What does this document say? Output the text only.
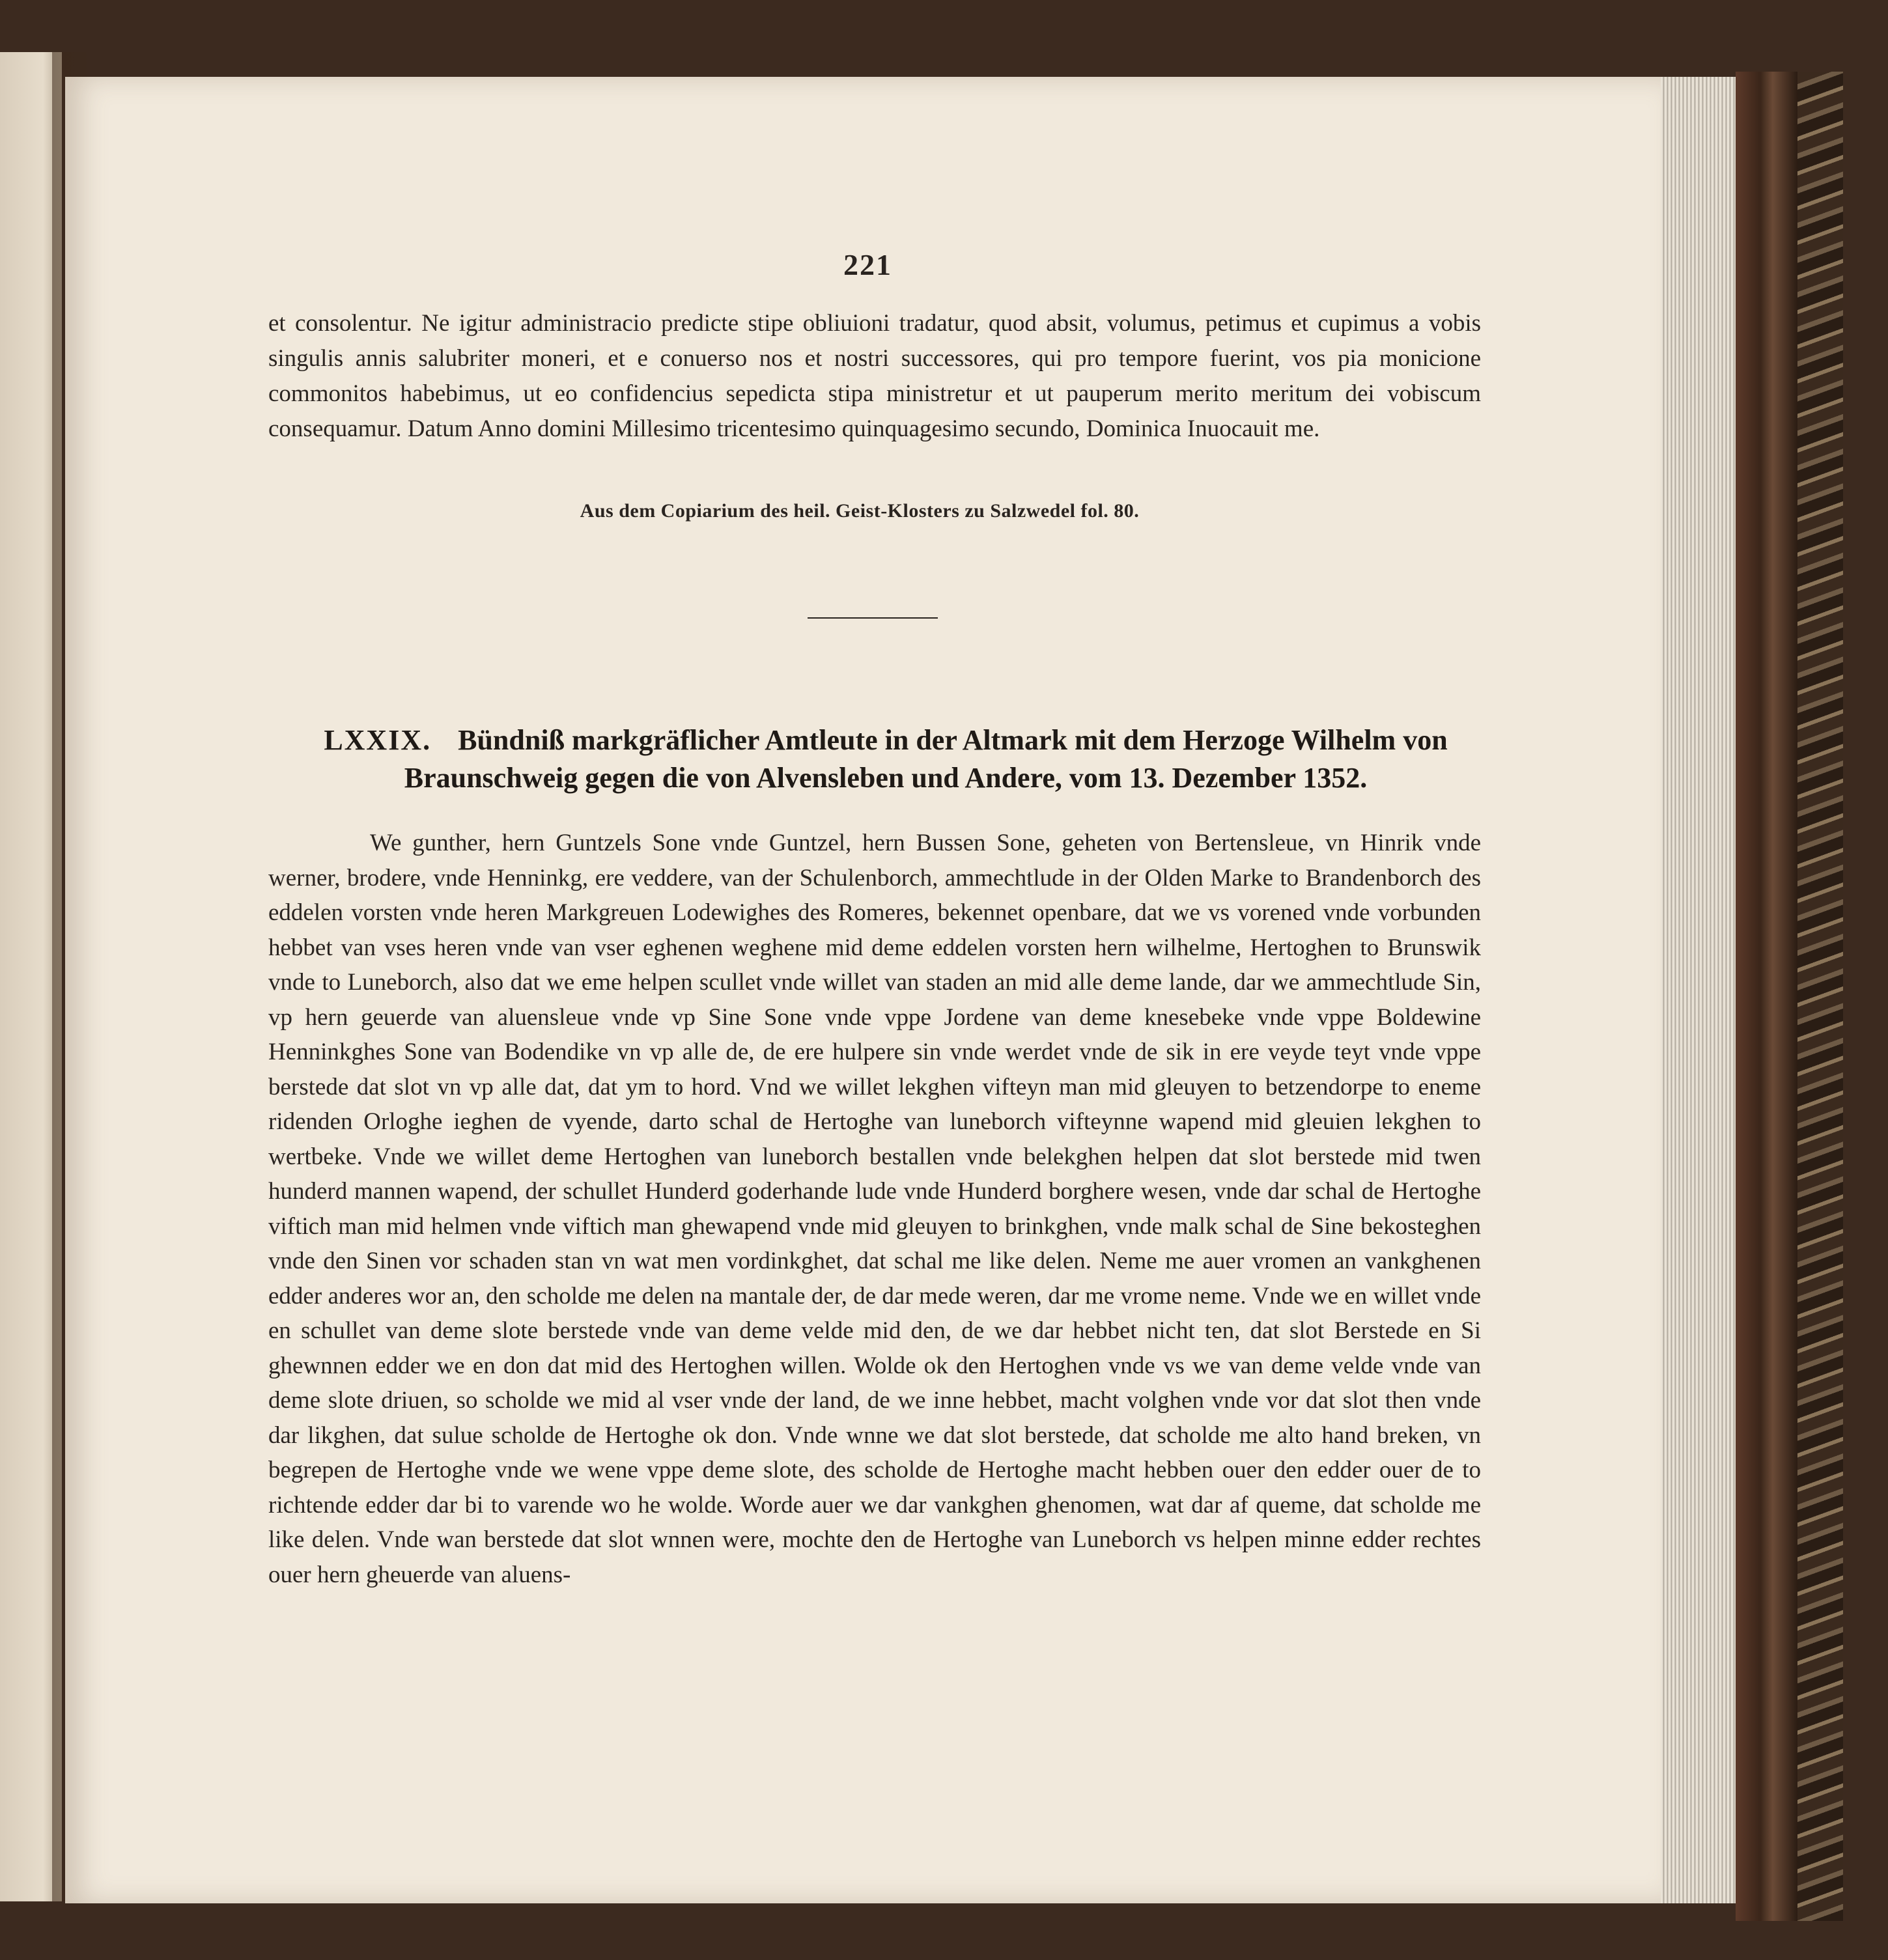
221

et consolentur. Ne igitur administracio predicte stipe obliuioni tradatur, quod absit, volumus, petimus et cupimus a vobis singulis annis salubriter moneri, et e conuerso nos et nostri successores, qui pro tempore fuerint, vos pia monicione commonitos habebimus, ut eo confidencius sepedicta stipa ministretur et ut pauperum merito meritum dei vobiscum consequamur. Datum Anno domini Millesimo tricentesimo quinquagesimo secundo, Dominica Inuocauit me.

Aus dem Copiarium des heil. Geist-Klosters zu Salzwedel fol. 80.
LXXIX. Bündniß markgräflicher Amtleute in der Altmark mit dem Herzoge Wilhelm von Braunschweig gegen die von Alvensleben und Andere, vom 13. Dezember 1352.

We gunther, hern Guntzels Sone vnde Guntzel, hern Bussen Sone, geheten von Bertensleue, vn Hinrik vnde werner, brodere, vnde Henninkg, ere veddere, van der Schulenborch, ammechtlude in der Olden Marke to Brandenborch des eddelen vorsten vnde heren Markgreuen Lodewighes des Romeres, bekennet openbare, dat we vs vorened vnde vorbunden hebbet van vses heren vnde van vser eghenen weghene mid deme eddelen vorsten hern wilhelme, Hertoghen to Brunswik vnde to Luneborch, also dat we eme helpen scullet vnde willet van staden an mid alle deme lande, dar we ammechtlude Sin, vp hern geuerde van aluensleue vnde vp Sine Sone vnde vppe Jordene van deme knesebeke vnde vppe Boldewine Henninkghes Sone van Bodendike vn vp alle de, de ere hulpere sin vnde werdet vnde de sik in ere veyde teyt vnde vppe berstede dat slot vn vp alle dat, dat ym to hord. Vnd we willet lekghen vifteyn man mid gleuyen to betzendorpe to eneme ridenden Orloghe ieghen de vyende, darto schal de Hertoghe van luneborch vifteynne wapend mid gleuien lekghen to wertbeke. Vnde we willet deme Hertoghen van luneborch bestallen vnde belekghen helpen dat slot berstede mid twen hunderd mannen wapend, der schullet Hunderd goderhande lude vnde Hunderd borghere wesen, vnde dar schal de Hertoghe viftich man mid helmen vnde viftich man ghewapend vnde mid gleuyen to brinkghen, vnde malk schal de Sine bekosteghen vnde den Sinen vor schaden stan vn wat men vordinkghet, dat schal me like delen. Neme me auer vromen an vankghenen edder anderes wor an, den scholde me delen na mantale der, de dar mede weren, dar me vrome neme. Vnde we en willet vnde en schullet van deme slote berstede vnde van deme velde mid den, de we dar hebbet nicht ten, dat slot Berstede en Si ghewnnen edder we en don dat mid des Hertoghen willen. Wolde ok den Hertoghen vnde vs we van deme velde vnde van deme slote driuen, so scholde we mid al vser vnde der land, de we inne hebbet, macht volghen vnde vor dat slot then vnde dar likghen, dat sulue scholde de Hertoghe ok don. Vnde wnne we dat slot berstede, dat scholde me alto hand breken, vn begrepen de Hertoghe vnde we wene vppe deme slote, des scholde de Hertoghe macht hebben ouer den edder ouer de to richtende edder dar bi to varende wo he wolde. Worde auer we dar vankghen ghenomen, wat dar af queme, dat scholde me like delen. Vnde wan berstede dat slot wnnen were, mochte den de Hertoghe van Luneborch vs helpen minne edder rechtes ouer hern gheuerde van aluens-
